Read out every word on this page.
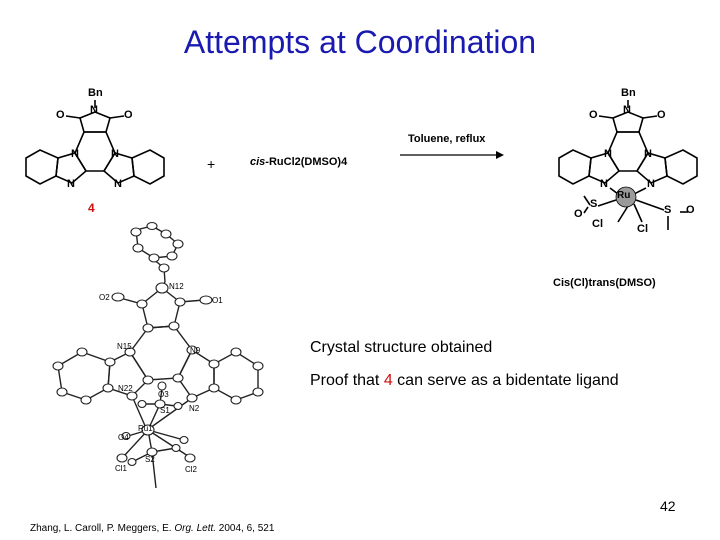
Attempts at Coordination
Bn
O N O
N	N
N	N
4
+	cis-RuCl2(DMSO)4
Toluene, reflux
Bn
O N O
N	N
N	N
Ru
S
O	S O
Cl	Cl
Cis(Cl)trans(DMSO)
N12
O2	O1
N15	N9
N22
O3
S1 N2
Ru1
O4
S2
Cl1	Cl2
Crystal structure obtained
Proof that 4 can serve as a bidentate ligand
42
Zhang, L. Caroll, P. Meggers, E. Org. Lett. 2004, 6, 521
